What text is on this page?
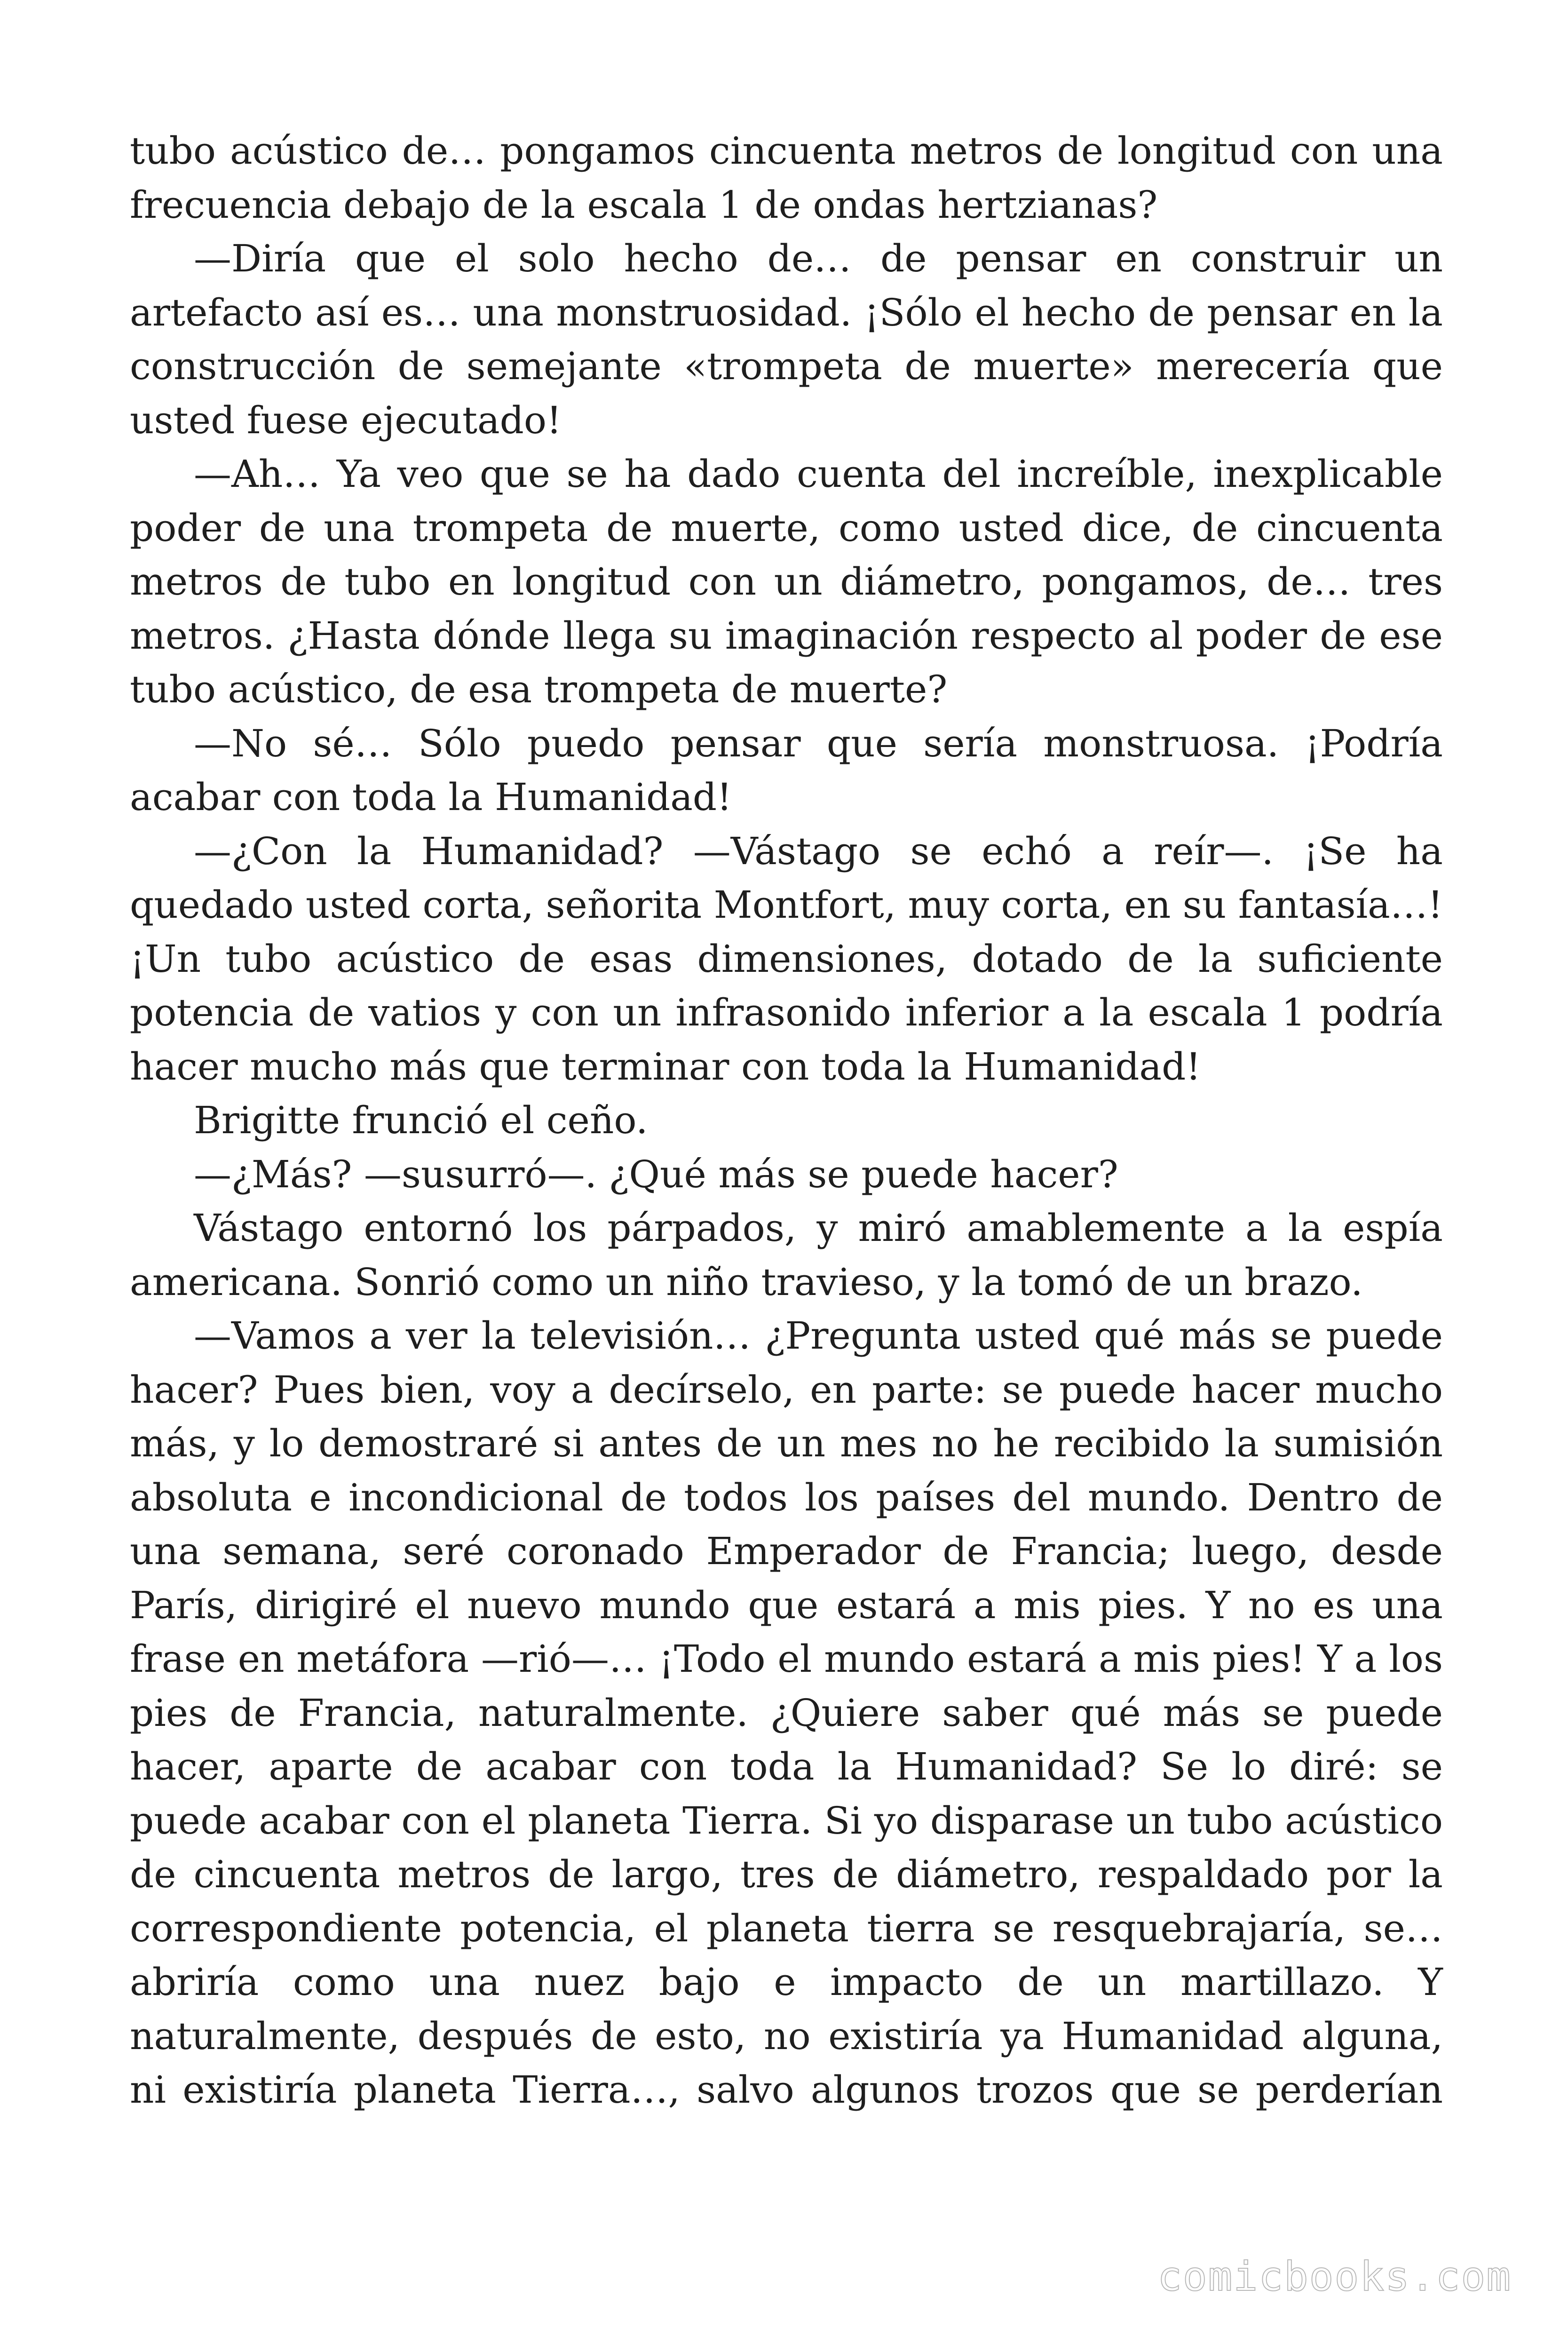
tubo acústico de… pongamos cincuenta metros de longitud con una frecuencia debajo de la escala 1 de ondas hertzianas?

—Diría que el solo hecho de… de pensar en construir un artefacto así es… una monstruosidad. ¡Sólo el hecho de pensar en la construcción de semejante «trompeta de muerte» merecería que usted fuese ejecutado!

—Ah… Ya veo que se ha dado cuenta del increíble, inexplicable poder de una trompeta de muerte, como usted dice, de cincuenta metros de tubo en longitud con un diámetro, pongamos, de… tres metros. ¿Hasta dónde llega su imaginación respecto al poder de ese tubo acústico, de esa trompeta de muerte?

—No sé… Sólo puedo pensar que sería monstruosa. ¡Podría acabar con toda la Humanidad!

—¿Con la Humanidad? —Vástago se echó a reír—. ¡Se ha quedado usted corta, señorita Montfort, muy corta, en su fantasía…! ¡Un tubo acústico de esas dimensiones, dotado de la suficiente potencia de vatios y con un infrasonido inferior a la escala 1 podría hacer mucho más que terminar con toda la Humanidad!

Brigitte frunció el ceño.

—¿Más? —susurró—. ¿Qué más se puede hacer?

Vástago entornó los párpados, y miró amablemente a la espía americana. Sonrió como un niño travieso, y la tomó de un brazo.

—Vamos a ver la televisión… ¿Pregunta usted qué más se puede hacer? Pues bien, voy a decírselo, en parte: se puede hacer mucho más, y lo demostraré si antes de un mes no he recibido la sumisión absoluta e incondicional de todos los países del mundo. Dentro de una semana, seré coronado Emperador de Francia; luego, desde París, dirigiré el nuevo mundo que estará a mis pies. Y no es una frase en metáfora —rió—… ¡Todo el mundo estará a mis pies! Y a los pies de Francia, naturalmente. ¿Quiere saber qué más se puede hacer, aparte de acabar con toda la Humanidad? Se lo diré: se puede acabar con el planeta Tierra. Si yo disparase un tubo acústico de cincuenta metros de largo, tres de diámetro, respaldado por la correspondiente potencia, el planeta tierra se resquebrajaría, se… abriría como una nuez bajo e impacto de un martillazo. Y naturalmente, después de esto, no existiría ya Humanidad alguna, ni existiría planeta Tierra…, salvo algunos trozos que se perderían

comicbooks.com
